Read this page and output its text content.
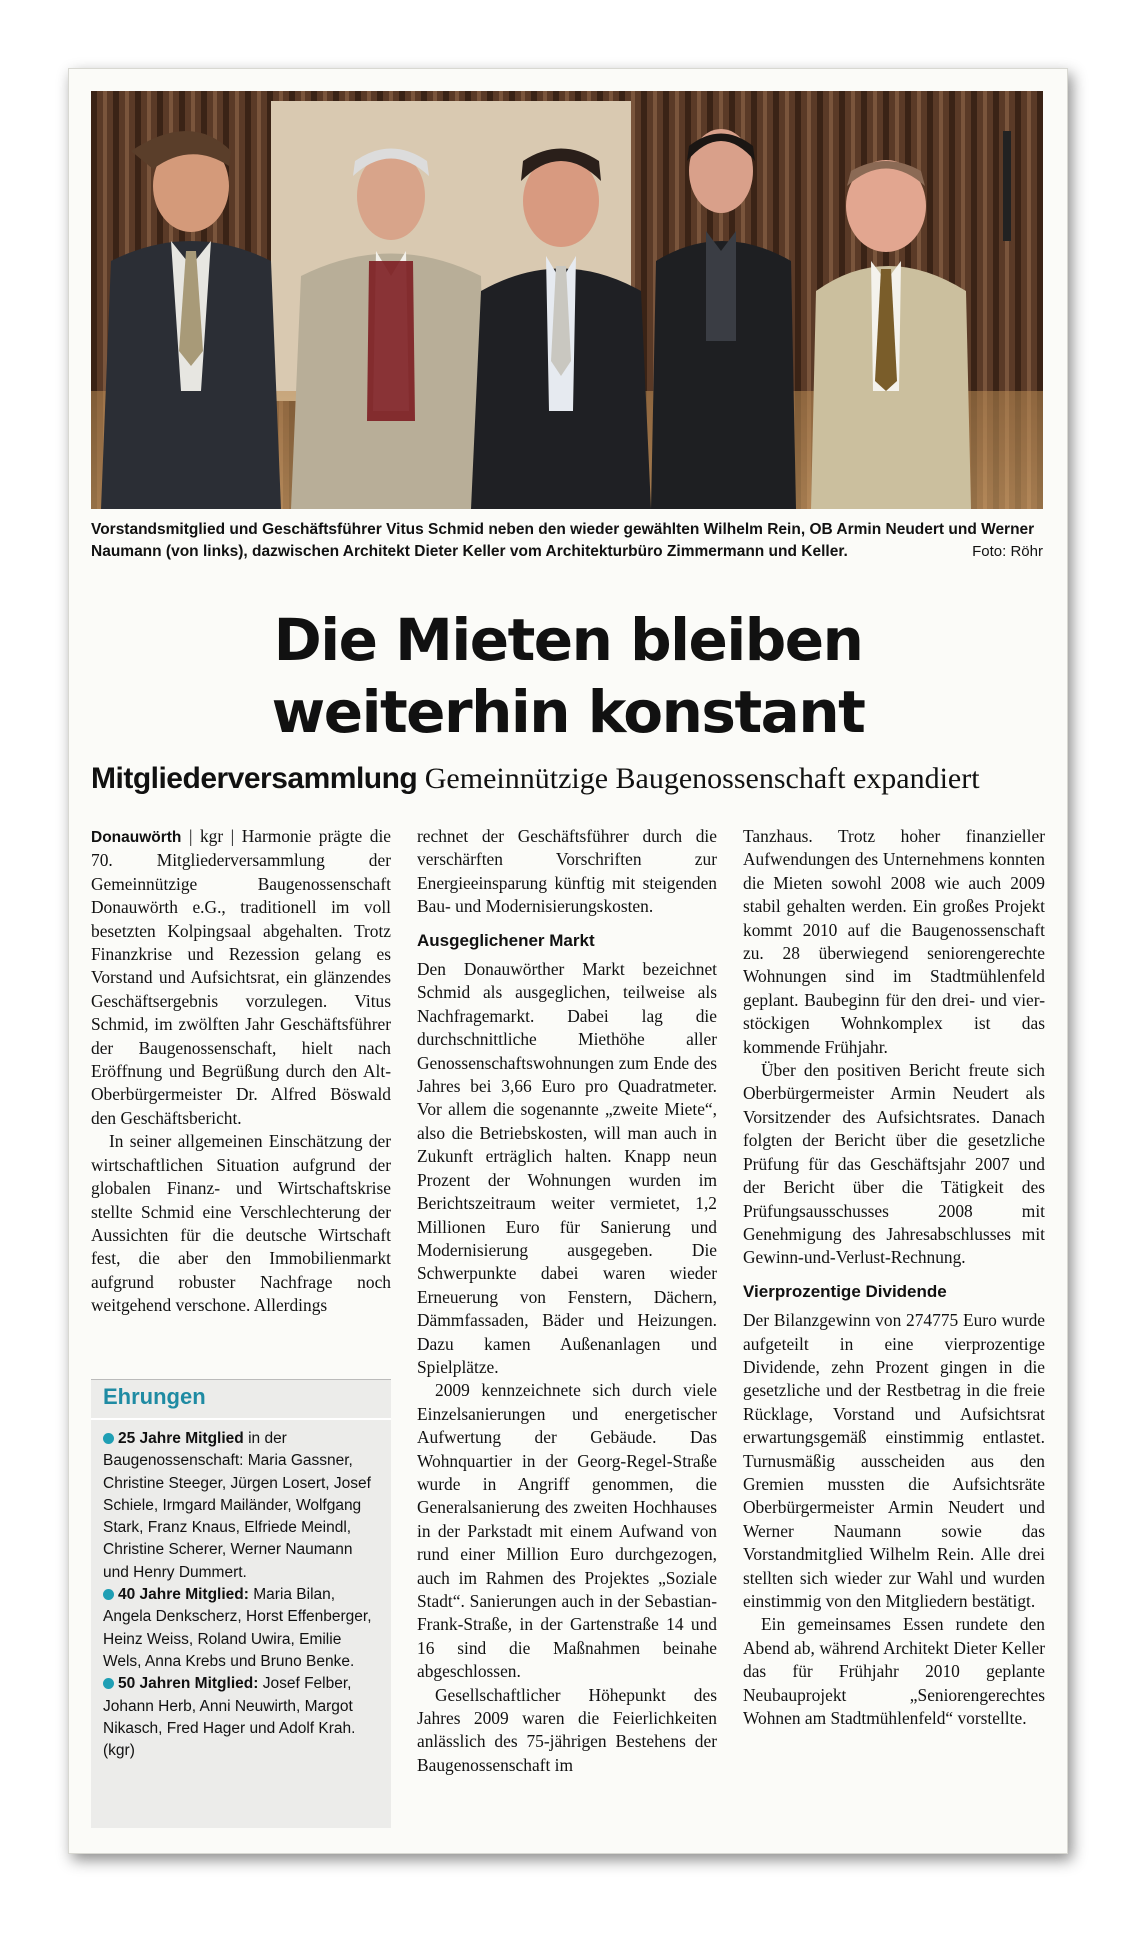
Vorstandsmitglied und Geschäftsführer Vitus Schmid neben den wieder gewählten Wilhelm Rein, OB Armin Neudert und Werner Naumann (von links), dazwischen Architekt Dieter Keller vom Architekturbüro Zimmermann und Keller.	Foto: Röhr
Die Mieten bleiben
weiterhin konstant
Mitgliederversammlung Gemeinnützige Baugenossenschaft expandiert

Donauwörth | kgr | Harmonie prägte die 70. Mitgliederversammlung der Gemeinnützige Baugenossenschaft Donauwörth e.G., traditionell im voll besetzten Kolpingsaal abgehalten. Trotz Finanzkrise und Rezession gelang es Vorstand und Aufsichtsrat, ein glänzendes Geschäftsergebnis vorzulegen. Vitus Schmid, im zwölften Jahr Geschäftsführer der Baugenossenschaft, hielt nach Eröffnung und Begrüßung durch den Alt-Oberbürgermeister Dr. Alfred Böswald den Geschäftsbericht.

In seiner allgemeinen Einschätzung der wirtschaftlichen Situation aufgrund der globalen Finanz- und Wirtschaftskrise stellte Schmid eine Verschlechterung der Aussichten für die deutsche Wirtschaft fest, die aber den Immobilienmarkt aufgrund robuster Nachfrage noch weitgehend verschone. Allerdings

Ehrungen

25 Jahre Mitglied in der Baugenossenschaft: Maria Gassner, Christine Steeger, Jürgen Losert, Josef Schiele, Irmgard Mailänder, Wolfgang Stark, Franz Knaus, Elfriede Meindl, Christine Scherer, Werner Naumann und Henry Dummert.

40 Jahre Mitglied: Maria Bilan, Angela Denkscherz, Horst Effenberger, Heinz Weiss, Roland Uwira, Emilie Wels, Anna Krebs und Bruno Benke.

50 Jahren Mitglied: Josef Felber, Johann Herb, Anni Neuwirth, Margot Nikasch, Fred Hager und Adolf Krah. (kgr)

rechnet der Geschäftsführer durch die verschärften Vorschriften zur Energieeinsparung künftig mit steigenden Bau- und Modernisierungskosten.

Ausgeglichener Markt

Den Donauwörther Markt bezeichnet Schmid als ausgeglichen, teilweise als Nachfragemarkt. Dabei lag die durchschnittliche Miethöhe aller Genossenschaftswohnungen zum Ende des Jahres bei 3,66 Euro pro Quadratmeter. Vor allem die sogenannte „zweite Miete“, also die Betriebskosten, will man auch in Zukunft erträglich halten. Knapp neun Prozent der Wohnungen wurden im Berichtszeitraum weiter vermietet, 1,2 Millionen Euro für Sanierung und Modernisierung ausgegeben. Die Schwerpunkte dabei waren wieder Erneuerung von Fenstern, Dächern, Dämmfassaden, Bäder und Heizungen. Dazu kamen Außenanlagen und Spielplätze.

2009 kennzeichnete sich durch viele Einzelsanierungen und energetischer Aufwertung der Gebäude. Das Wohnquartier in der Georg-Regel-Straße wurde in Angriff genommen, die Generalsanierung des zweiten Hochhauses in der Parkstadt mit einem Aufwand von rund einer Million Euro durchgezogen, auch im Rahmen des Projektes „Soziale Stadt“. Sanierungen auch in der Sebastian-Frank-Straße, in der Gartenstraße 14 und 16 sind die Maßnahmen beinahe abgeschlossen.

Gesellschaftlicher Höhepunkt des Jahres 2009 waren die Feierlichkeiten anlässlich des 75-jährigen Bestehens der Baugenossenschaft im

Tanzhaus. Trotz hoher finanzieller Aufwendungen des Unternehmens konnten die Mieten sowohl 2008 wie auch 2009 stabil gehalten werden. Ein großes Projekt kommt 2010 auf die Baugenossenschaft zu. 28 überwiegend seniorengerechte Wohnungen sind im Stadtmühlenfeld geplant. Baubeginn für den drei- und vier-stöckigen Wohnkomplex ist das kommende Frühjahr.

Über den positiven Bericht freute sich Oberbürgermeister Armin Neudert als Vorsitzender des Aufsichtsrates. Danach folgten der Bericht über die gesetzliche Prüfung für das Geschäftsjahr 2007 und der Bericht über die Tätigkeit des Prüfungsausschusses 2008 mit Genehmigung des Jahresabschlusses mit Gewinn-und-Verlust-Rechnung.

Vierprozentige Dividende

Der Bilanzgewinn von 274775 Euro wurde aufgeteilt in eine vierprozentige Dividende, zehn Prozent gingen in die gesetzliche und der Restbetrag in die freie Rücklage, Vorstand und Aufsichtsrat erwartungsgemäß einstimmig entlastet. Turnusmäßig ausscheiden aus den Gremien mussten die Aufsichtsräte Oberbürgermeister Armin Neudert und Werner Naumann sowie das Vorstandmitglied Wilhelm Rein. Alle drei stellten sich wieder zur Wahl und wurden einstimmig von den Mitgliedern bestätigt.

Ein gemeinsames Essen rundete den Abend ab, während Architekt Dieter Keller das für Frühjahr 2010 geplante Neubauprojekt „Seniorengerechtes Wohnen am Stadtmühlenfeld“ vorstellte.
